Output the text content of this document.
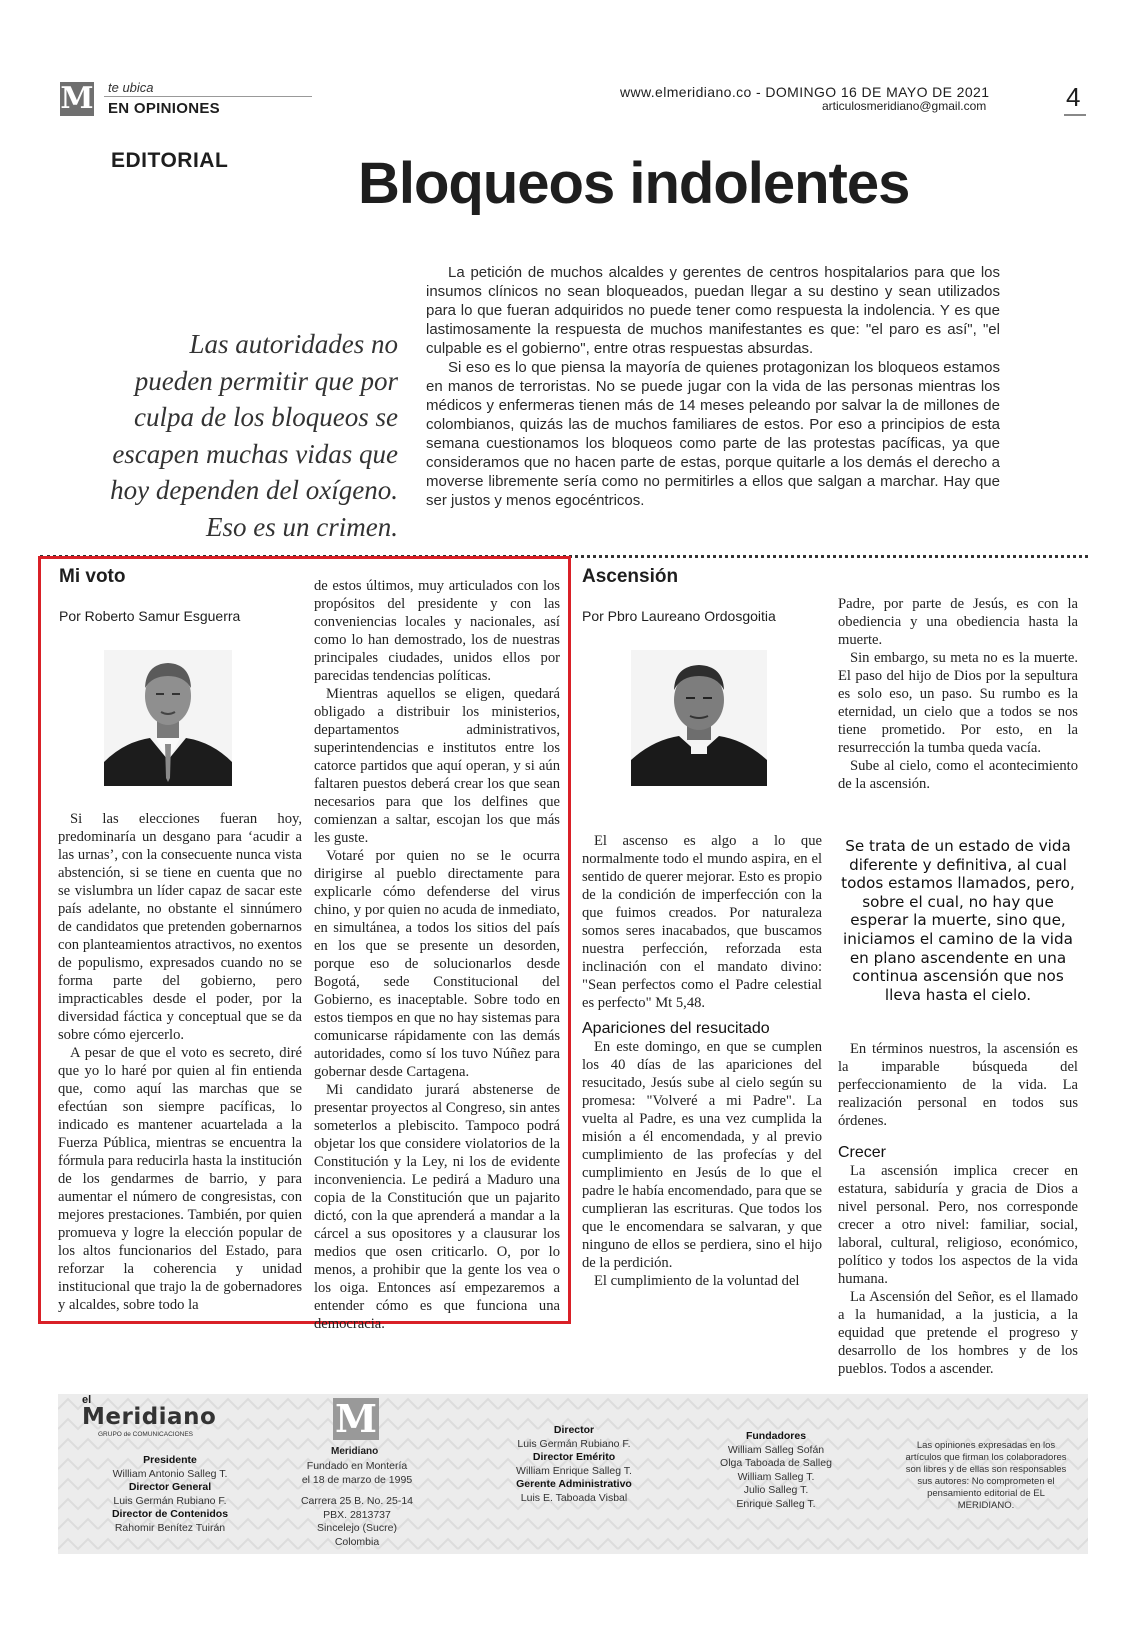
M te ubica
EN OPINIONES
www.elmeridiano.co - DOMINGO 16 DE MAYO DE 2021
articulosmeridiano@gmail.com	4
EDITORIAL Bloqueos indolentes
Las autoridades no
pueden permitir que por
culpa de los bloqueos se
escapen muchas vidas que
hoy dependen del oxígeno.
Eso es un crimen.

La petición de muchos alcaldes y gerentes de centros hospitalarios para que los insumos clínicos no sean bloqueados, puedan llegar a su destino y sean utilizados para lo que fueran adquiridos no puede tener como respuesta la indolencia. Y es que lastimosamente la respuesta de muchos manifestantes es que: "el paro es así", "el culpable es el gobierno", entre otras respuestas absurdas.

Si eso es lo que piensa la mayoría de quienes protagonizan los bloqueos estamos en manos de terroristas. No se puede jugar con la vida de las personas mientras los médicos y enfermeras tienen más de 14 meses peleando por salvar la de millones de colombianos, quizás las de muchos familiares de estos. Por eso a principios de esta semana cuestionamos los bloqueos como parte de las protestas pacíficas, ya que consideramos que no hacen parte de estas, porque quitarle a los demás el derecho a moverse libremente sería como no permitirles a ellos que salgan a marchar. Hay que ser justos y menos egocéntricos.

Mi voto
Por Roberto Samur Esguerra

Si las elecciones fueran hoy, predominaría un desgano para ‘acudir a las urnas’, con la consecuente nunca vista abstención, si se tiene en cuenta que no se vislumbra un líder capaz de sacar este país adelante, no obstante el sinnúmero de candidatos que pretenden gobernarnos con planteamientos atractivos, no exentos de populismo, expresados cuando no se forma parte del gobierno, pero impracticables desde el poder, por la diversidad fáctica y conceptual que se da sobre cómo ejercerlo.

A pesar de que el voto es secreto, diré que yo lo haré por quien al fin entienda que, como aquí las marchas que se efectúan son siempre pacíficas, lo indicado es mantener acuartelada a la Fuerza Pública, mientras se encuentra la fórmula para reducirla hasta la institución de los gendarmes de barrio, y para aumentar el número de congresistas, con mejores prestaciones. También, por quien promueva y logre la elección popular de los altos funcionarios del Estado, para reforzar la coherencia y unidad institucional que trajo la de gobernadores y alcaldes, sobre todo la

de estos últimos, muy articulados con los propósitos del presidente y con las conveniencias locales y nacionales, así como lo han demostrado, los de nuestras principales ciudades, unidos ellos por parecidas tendencias políticas.

Mientras aquellos se eligen, quedará obligado a distribuir los ministerios, departamentos administrativos, superintendencias e institutos entre los catorce partidos que aquí operan, y si aún faltaren puestos deberá crear los que sean necesarios para que los delfines que comienzan a saltar, escojan los que más les guste.

Votaré por quien no se le ocurra dirigirse al pueblo directamente para explicarle cómo defenderse del virus chino, y por quien no acuda de inmediato, en simultánea, a todos los sitios del país en los que se presente un desorden, porque eso de solucionarlos desde Bogotá, sede Constitucional del Gobierno, es inaceptable. Sobre todo en estos tiempos en que no hay sistemas para comunicarse rápidamente con las demás autoridades, como sí los tuvo Núñez para gobernar desde Cartagena.

Mi candidato jurará abstenerse de presentar proyectos al Congreso, sin antes someterlos a plebiscito. Tampoco podrá objetar los que considere violatorios de la Constitución y la Ley, ni los de evidente inconveniencia. Le pedirá a Maduro una copia de la Constitución que un pajarito dictó, con la que aprenderá a mandar a la cárcel a sus opositores y a clausurar los medios que osen criticarlo. O, por lo menos, a prohibir que la gente los vea o los oiga. Entonces así empezaremos a entender cómo es que funciona una democracia.

Ascensión
Por Pbro Laureano Ordosgoitia

El ascenso es algo a lo que normalmente todo el mundo aspira, en el sentido de querer mejorar. Esto es propio de la condición de imperfección con la que fuimos creados. Por naturaleza somos seres inacabados, que buscamos nuestra perfección, reforzada esta inclinación con el mandato divino: "Sean perfectos como el Padre celestial es perfecto" Mt 5,48.

Apariciones del resucitado

En este domingo, en que se cumplen los 40 días de las apariciones del resucitado, Jesús sube al cielo según su promesa: "Volveré a mi Padre". La vuelta al Padre, es una vez cumplida la misión a él encomendada, y al previo cumplimiento de las profecías y del cumplimiento en Jesús de lo que el padre le había encomendado, para que se cumplieran las escrituras. Que todos los que le encomendara se salvaran, y que ninguno de ellos se perdiera, sino el hijo de la perdición.

El cumplimiento de la voluntad del

Padre, por parte de Jesús, es con la obediencia y una obediencia hasta la muerte.

Sin embargo, su meta no es la muerte. El paso del hijo de Dios por la sepultura es solo eso, un paso. Su rumbo es la eternidad, un cielo que a todos se nos tiene prometido. Por esto, en la resurrección la tumba queda vacía.

Sube al cielo, como el acontecimiento de la ascensión.

Se trata de un estado de vida diferente y definitiva, al cual todos estamos llamados, pero, sobre el cual, no hay que esperar la muerte, sino que, iniciamos el camino de la vida en plano ascendente en una continua ascensión que nos lleva hasta el cielo.

En términos nuestros, la ascensión es la imparable búsqueda del perfeccionamiento de la vida. La realización personal en todos sus órdenes.

Crecer

La ascensión implica crecer en estatura, sabiduría y gracia de Dios a nivel personal. Pero, nos corresponde crecer a otro nivel: familiar, social, laboral, cultural, religioso, económico, político y todos los aspectos de la vida humana.

La Ascensión del Señor, es el llamado a la humanidad, a la justicia, a la equidad que pretende el progreso y desarrollo de los hombres y de los pueblos. Todos a ascender.

el
Meridiano
GRUPO de COMUNICACIONES
Presidente
William Antonio Salleg T.
Director General
Luis Germán Rubiano F.
Director de Contenidos
Rahomir Benítez Tuirán
M
Meridiano
Fundado en Montería
el 18 de marzo de 1995
Carrera 25 B. No. 25-14
PBX. 2813737
Sincelejo (Sucre) Colombia
Director
Luis Germán Rubiano F.
Director Emérito
William Enrique Salleg T.
Gerente Administrativo
Luis E. Taboada Visbal
Fundadores
William Salleg Sofán
Olga Taboada de Salleg
William Salleg T.
Julio Salleg T.
Enrique Salleg T.
Las opiniones expresadas en los artículos que firman los colaboradores son libres y de ellas son responsables sus autores: No comprometen el pensamiento editorial de EL MERIDIANO.
